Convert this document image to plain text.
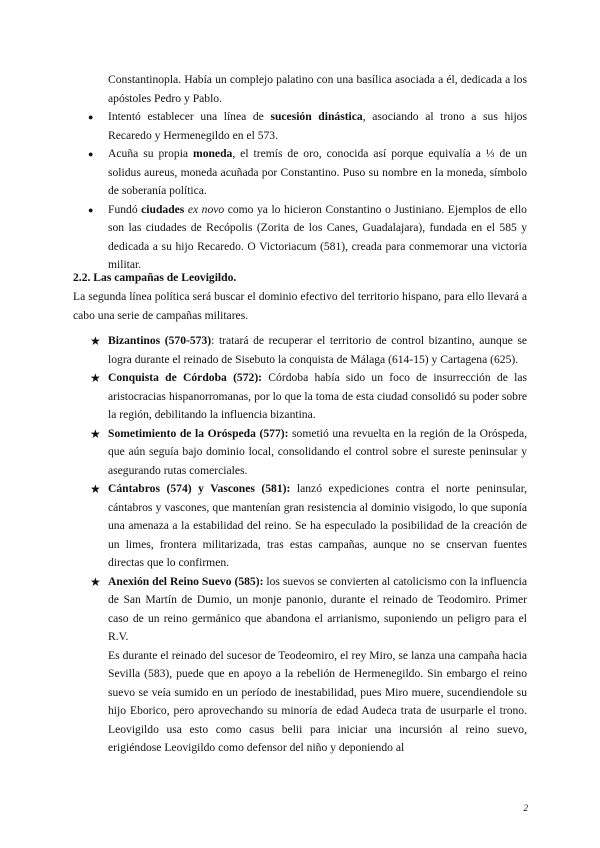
Constantinopla. Había un complejo palatino con una basílica asociada a él, dedicada a los apóstoles Pedro y Pablo.
● Intentó establecer una línea de sucesión dinástica, asociando al trono a sus hijos Recaredo y Hermenegildo en el 573.
● Acuña su propia moneda, el tremís de oro, conocida así porque equivalía a ⅓ de un solidus aureus, moneda acuñada por Constantino. Puso su nombre en la moneda, símbolo de soberanía política.
● Fundó ciudades ex novo como ya lo hicieron Constantino o Justiniano. Ejemplos de ello son las ciudades de Recópolis (Zorita de los Canes, Guadalajara), fundada en el 585 y dedicada a su hijo Recaredo. O Victoriacum (581), creada para conmemorar una victoria militar.

2.2. Las campañas de Leovigildo.

La segunda línea política será buscar el dominio efectivo del territorio hispano, para ello llevará a cabo una serie de campañas militares.

★ Bizantinos (570-573): tratará de recuperar el territorio de control bizantino, aunque se logra durante el reinado de Sisebuto la conquista de Málaga (614-15) y Cartagena (625).
★ Conquista de Córdoba (572): Córdoba había sido un foco de insurrección de las aristocracias hispanorromanas, por lo que la toma de esta ciudad consolidó su poder sobre la región, debilitando la influencia bizantina.
★ Sometimiento de la Oróspeda (577): sometió una revuelta en la región de la Oróspeda, que aún seguía bajo dominio local, consolidando el control sobre el sureste peninsular y asegurando rutas comerciales.
★ Cántabros (574) y Vascones (581): lanzó expediciones contra el norte peninsular, cántabros y vascones, que mantenían gran resistencia al dominio visigodo, lo que suponía una amenaza a la estabilidad del reino. Se ha especulado la posibilidad de la creación de un limes, frontera militarizada, tras estas campañas, aunque no se cnservan fuentes directas que lo confirmen.
★ Anexión del Reino Suevo (585): los suevos se convierten al catolicismo con la influencia de San Martín de Dumio, un monje panonio, durante el reinado de Teodomiro. Primer caso de un reino germánico que abandona el arrianismo, suponiendo un peligro para el R.V.
Es durante el reinado del sucesor de Teodeomiro, el rey Miro, se lanza una campaña hacia Sevilla (583), puede que en apoyo a la rebelión de Hermenegildo. Sin embargo el reino suevo se veía sumido en un período de inestabilidad, pues Miro muere, sucendiendole su hijo Eborico, pero aprovechando su minoría de edad Audeca trata de usurparle el trono. Leovigildo usa esto como casus belii para iniciar una incursión al reino suevo, erigiéndose Leovigildo como defensor del niño y deponiendo al
2
